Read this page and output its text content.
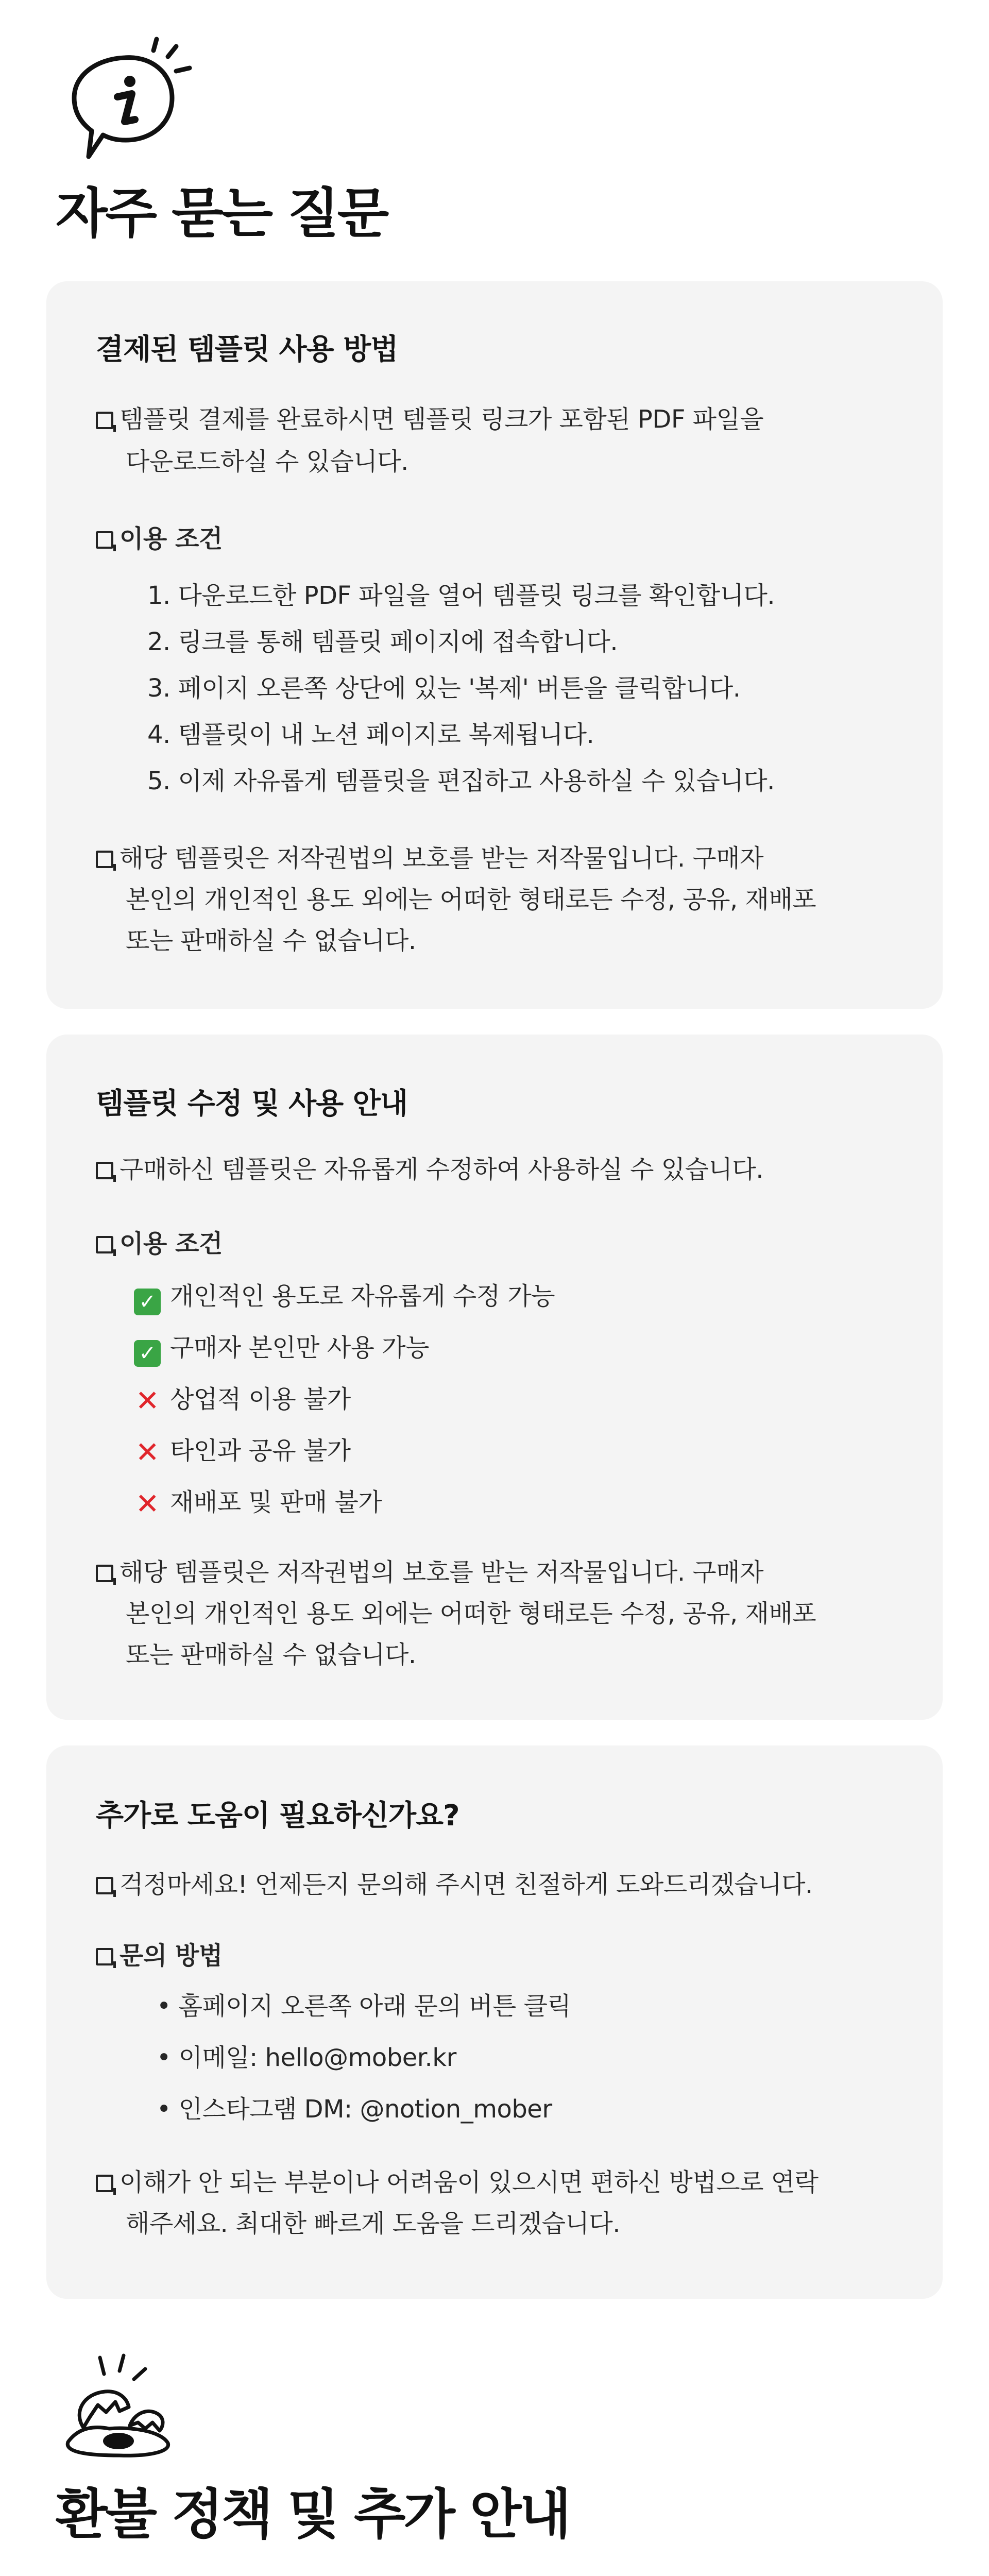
자주 묻는 질문
결제된 템플릿 사용 방법
템플릿 결제를 완료하시면 템플릿 링크가 포함된 PDF 파일을
다운로드하실 수 있습니다.
이용 조건
1. 다운로드한 PDF 파일을 열어 템플릿 링크를 확인합니다.
2. 링크를 통해 템플릿 페이지에 접속합니다.
3. 페이지 오른쪽 상단에 있는 '복제' 버튼을 클릭합니다.
4. 템플릿이 내 노션 페이지로 복제됩니다.
5. 이제 자유롭게 템플릿을 편집하고 사용하실 수 있습니다.
해당 템플릿은 저작권법의 보호를 받는 저작물입니다. 구매자
본인의 개인적인 용도 외에는 어떠한 형태로든 수정, 공유, 재배포
또는 판매하실 수 없습니다.
템플릿 수정 및 사용 안내
구매하신 템플릿은 자유롭게 수정하여 사용하실 수 있습니다.
이용 조건
✓ 개인적인 용도로 자유롭게 수정 가능
✓ 구매자 본인만 사용 가능
✕ 상업적 이용 불가
✕ 타인과 공유 불가
✕ 재배포 및 판매 불가
해당 템플릿은 저작권법의 보호를 받는 저작물입니다. 구매자
본인의 개인적인 용도 외에는 어떠한 형태로든 수정, 공유, 재배포
또는 판매하실 수 없습니다.
추가로 도움이 필요하신가요?
걱정마세요! 언제든지 문의해 주시면 친절하게 도와드리겠습니다.
문의 방법
• 홈페이지 오른쪽 아래 문의 버튼 클릭
• 이메일: hello@mober.kr
• 인스타그램 DM: @notion_mober
이해가 안 되는 부분이나 어려움이 있으시면 편하신 방법으로 연락
해주세요. 최대한 빠르게 도움을 드리겠습니다.
환불 정책 및 추가 안내
